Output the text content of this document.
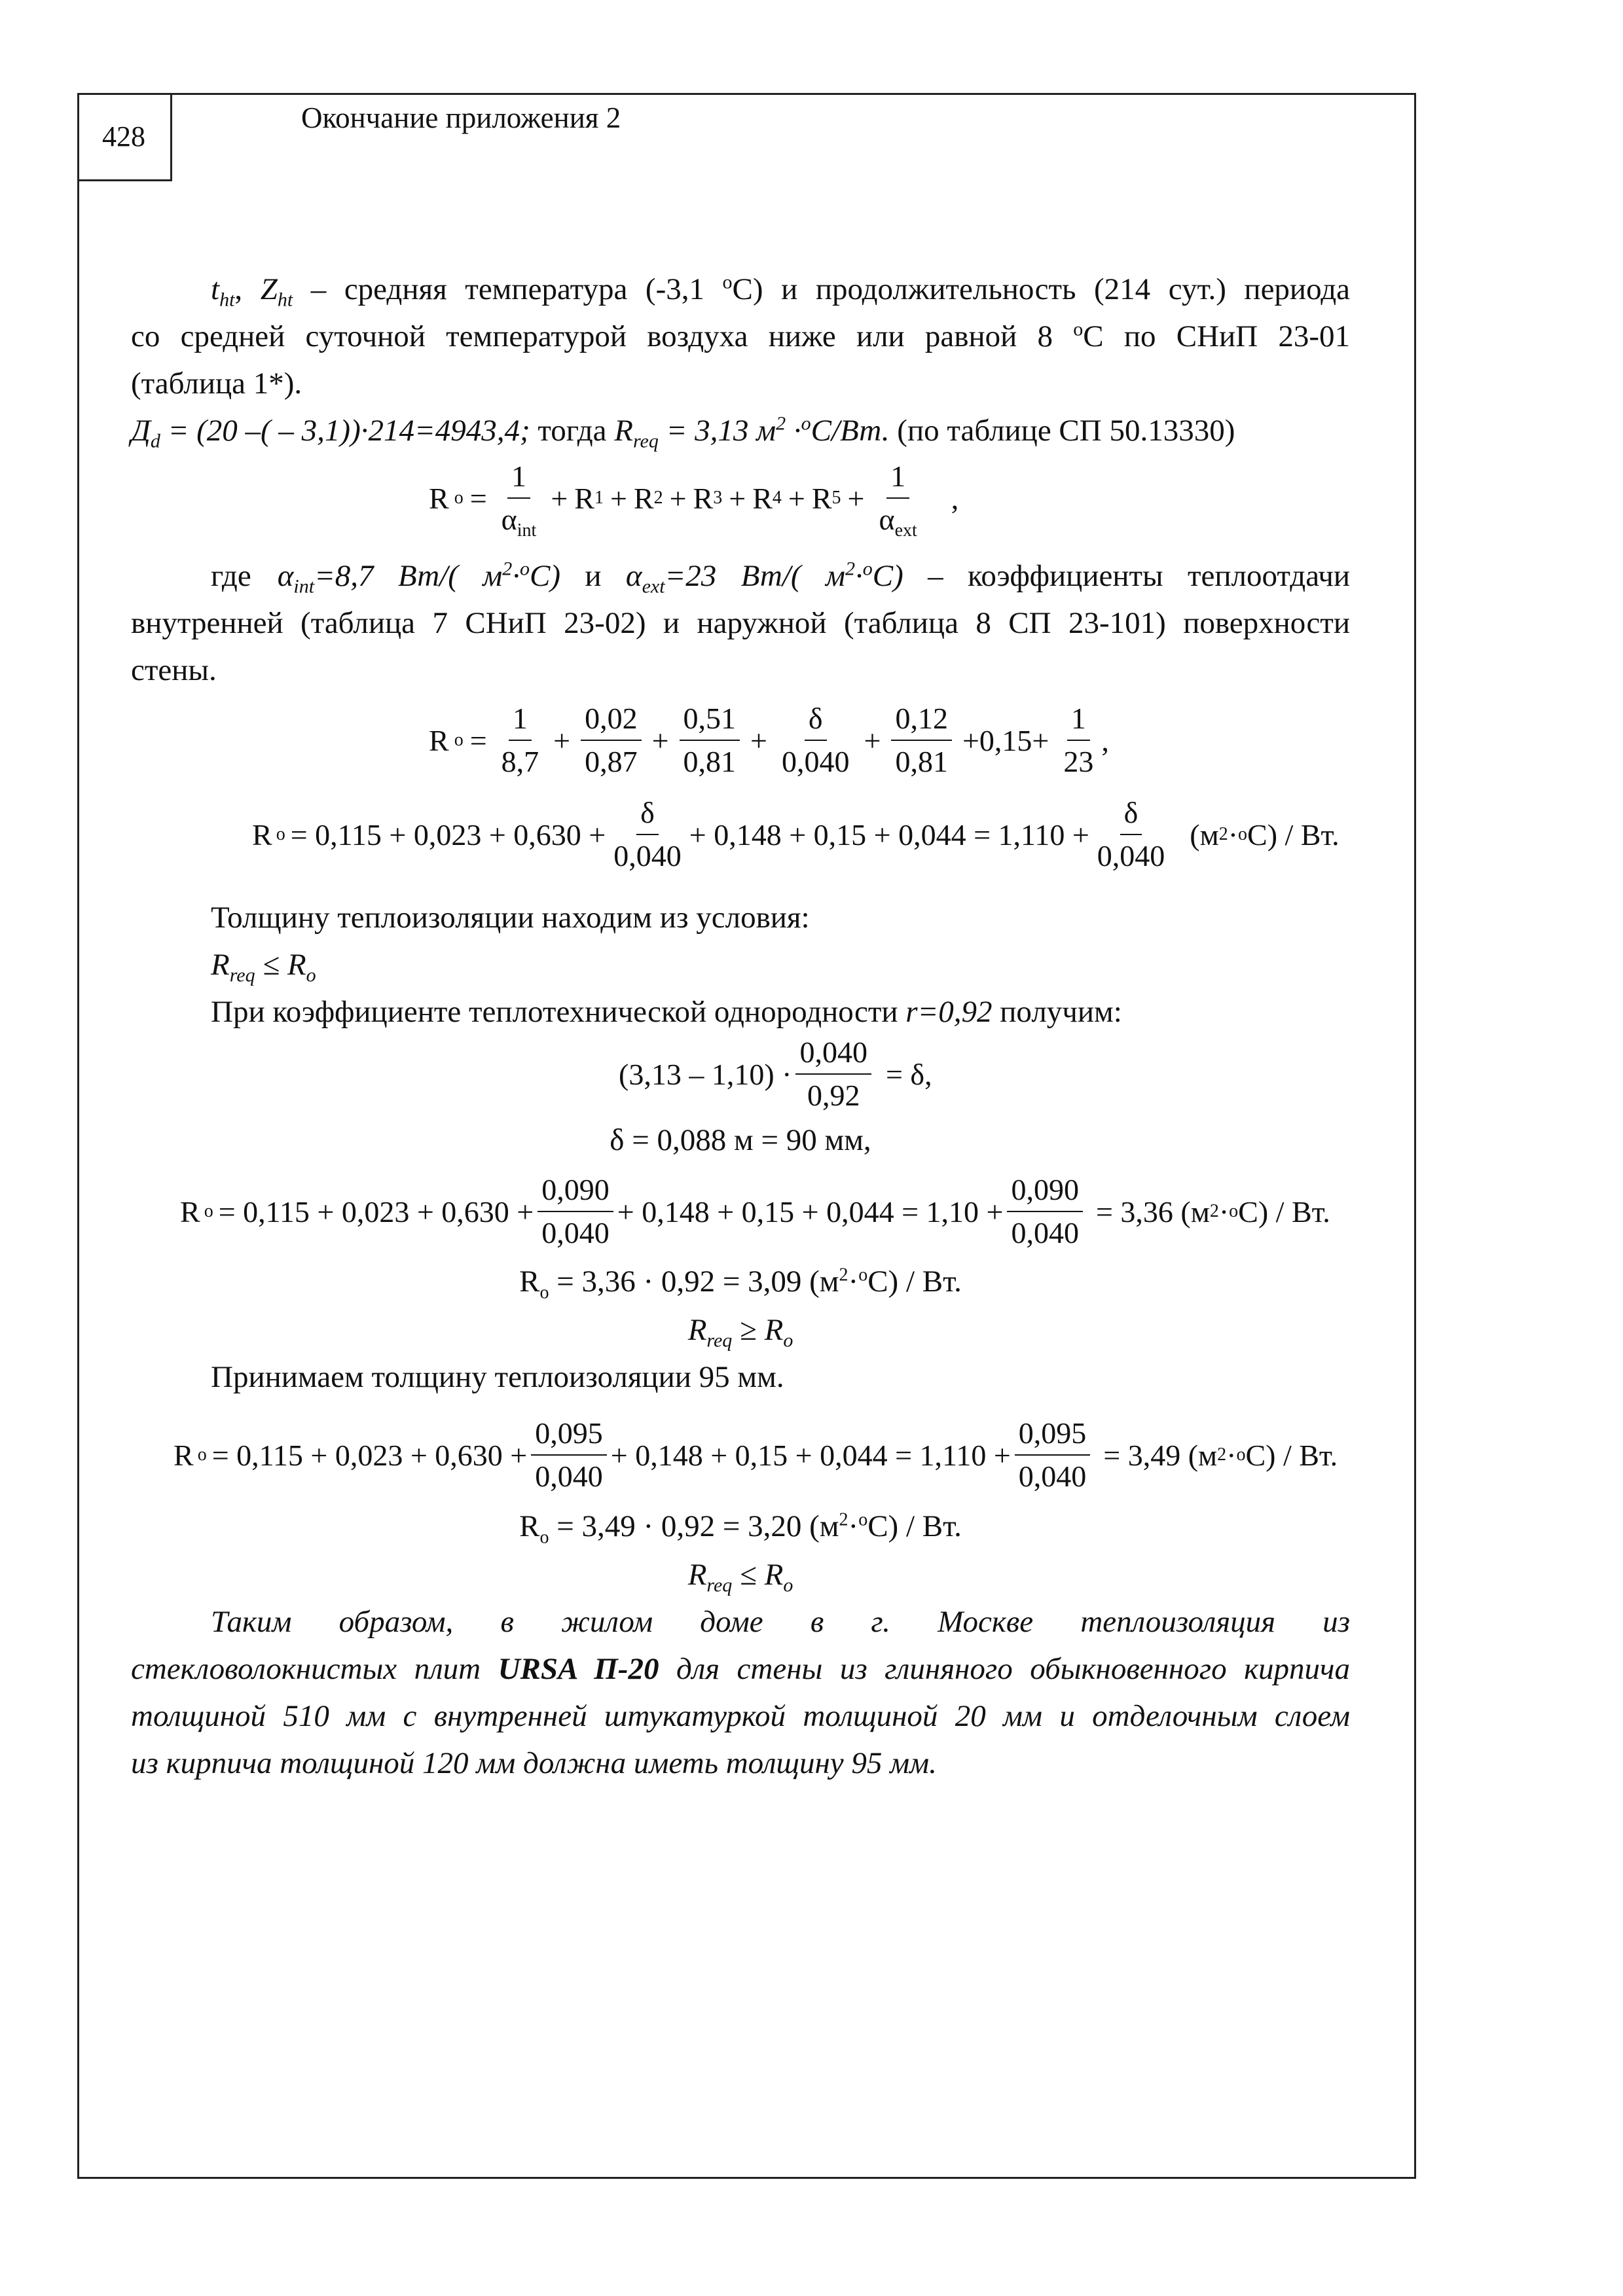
428
Окончание приложения 2
$t_{ht}$, $Z_{ht}$ – средняя температура (-3,1 $^о$С) и продолжительность (214 сут.) периода
со средней суточной температурой воздуха ниже или равной 8 $^о$С по СНиП 23-01
(таблица 1*).
$Д_d = (20$ –( – 3,1))·214=4943,4; тогда $R_{req} = 3,13$ $м^2 \cdot^оС/Вт$. (по таблице СП 50.13330)
R $о = \frac{1}{\alpha_{int}} + R$ 1 + R 2 + R 3 + R 4 + R $5 + \frac{1}{\alpha_{ext}}$ ,
где $\alpha_{int}=8,7$ Вт/( $м^2\cdot^оС$) и $\alpha_{ext}=23$ Вт/( $м^2\cdot^оС$) – коэффициенты теплоотдачи
внутренней (таблица 7 СНиП 23-02) и наружной (таблица 8 СП 23-101) поверхности
стены.
R $о = \frac{1}{8,7} + \frac{0,02}{0,87} + \frac{0,51}{0,81} + \frac{\delta}{0,040} + \frac{0,12}{0,81} +0,15+ \frac{1}{23}$ ,
R $о = 0,115 + 0,023 + 0,630 + \frac{\delta}{0,040} + 0,148 + 0,15 + 0,044 = 1,110 + \frac{\delta}{0,040} (м$ 2 · о С) / Вт.
Толщину теплоизоляции находим из условия:
$R_{req} \le R_o$
При коэффициенте теплотехнической однородности r=0,92 получим:
$(3,13 - 1,10) \cdot \frac{0,040}{0,92} = \delta$,
δ = 0,088 м = 90 мм,
R $о = 0,115 + 0,023 + 0,630 + \frac{0,090}{0,040} + 0,148 + 0,15 + 0,044 = 1,10 + \frac{0,090}{0,040} = 3,36$ (м 2 · о С) / Вт.
$R_о = 3,36 \cdot 0,92 = 3,09$ $(м^2\cdot^оС)$ / Вт.
$R_{req} \ge R_o$
Принимаем толщину теплоизоляции 95 мм.
R $о = 0,115 + 0,023 + 0,630 + \frac{0,095}{0,040} + 0,148 + 0,15 + 0,044 = 1,110 + \frac{0,095}{0,040} = 3,49$ (м 2 · о С) / Вт.
$R_о = 3,49 \cdot 0,92 = 3,20$ $(м^2\cdot^оС)$ / Вт.
$R_{req} \le R_o$
Таким образом, в жилом доме в г. Москве теплоизоляция из
стекловолокнистых плит URSA П-20 для стены из глиняного обыкновенного кирпича
толщиной 510 мм с внутренней штукатуркой толщиной 20 мм и отделочным слоем
из кирпича толщиной 120 мм должна иметь толщину 95 мм.
